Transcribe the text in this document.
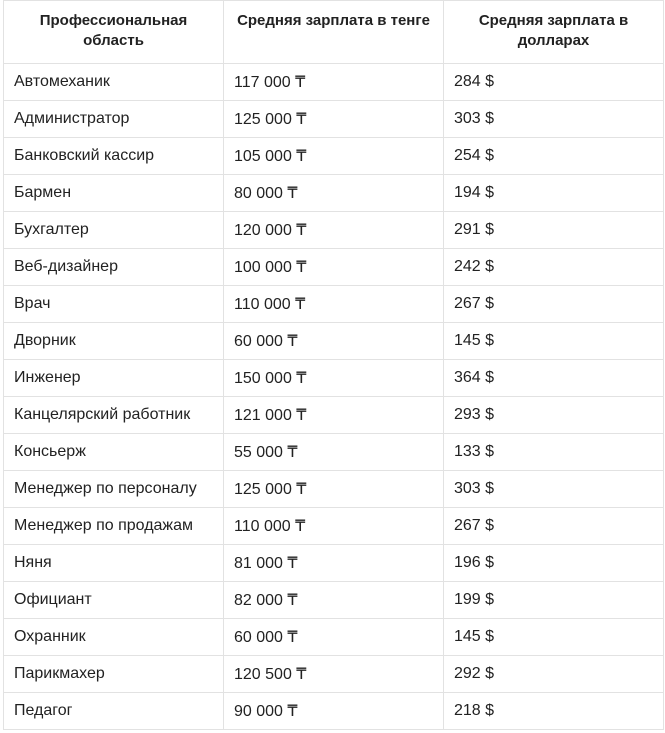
Профессиональная область	Средняя зарплата в тенге	Средняя зарплата в долларах
Автомеханик	117 000 ₸	284 $
Администратор	125 000 ₸	303 $
Банковский кассир	105 000 ₸	254 $
Бармен	80 000 ₸	194 $
Бухгалтер	120 000 ₸	291 $
Веб-дизайнер	100 000 ₸	242 $
Врач	110 000 ₸	267 $
Дворник	60 000 ₸	145 $
Инженер	150 000 ₸	364 $
Канцелярский работник	121 000 ₸	293 $
Консьерж	55 000 ₸	133 $
Менеджер по персоналу	125 000 ₸	303 $
Менеджер по продажам	110 000 ₸	267 $
Няня	81 000 ₸	196 $
Официант	82 000 ₸	199 $
Охранник	60 000 ₸	145 $
Парикмахер	120 500 ₸	292 $
Педагог	90 000 ₸	218 $
